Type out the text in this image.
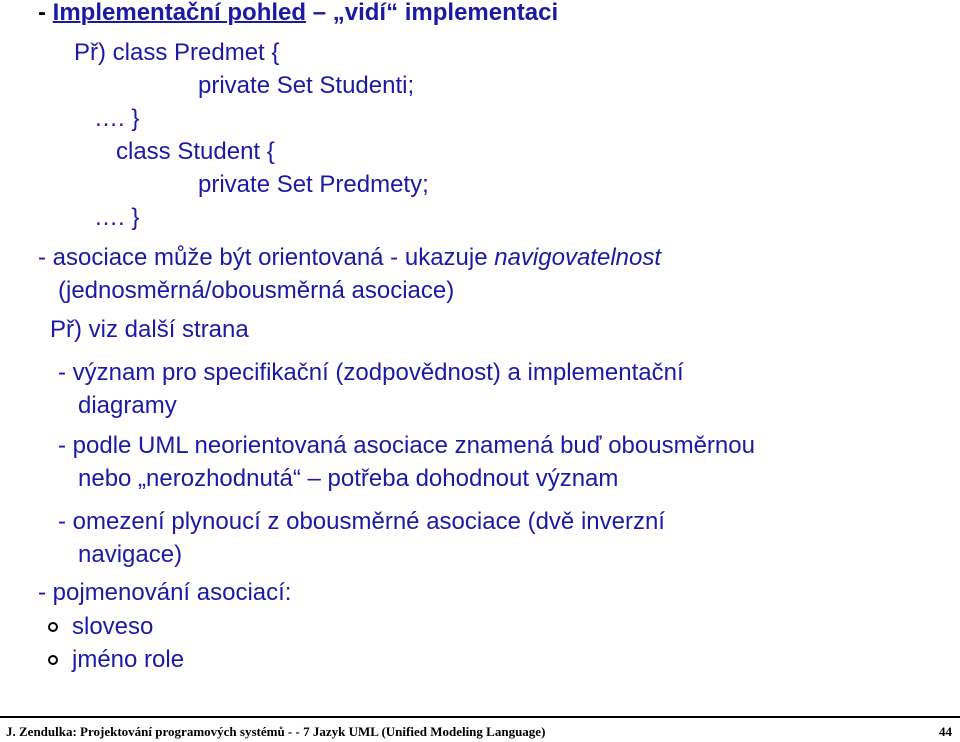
- Implementační pohled – „vidí“ implementaci
Př) class Predmet {
private Set Studenti;
…. }
class Student {
private Set Predmety;
…. }
- asociace může být orientovaná - ukazuje navigovatelnost
(jednosměrná/obousměrná asociace)
Př) viz další strana
- význam pro specifikační (zodpovědnost) a implementační
diagramy
- podle UML neorientovaná asociace znamená buď obousměrnou
nebo „nerozhodnutá“ – potřeba dohodnout význam
- omezení plynoucí z obousměrné asociace (dvě inverzní
navigace)
- pojmenování asociací:
sloveso
jméno role
J. Zendulka: Projektování programových systémů - - 7 Jazyk UML (Unified Modeling Language)	44
